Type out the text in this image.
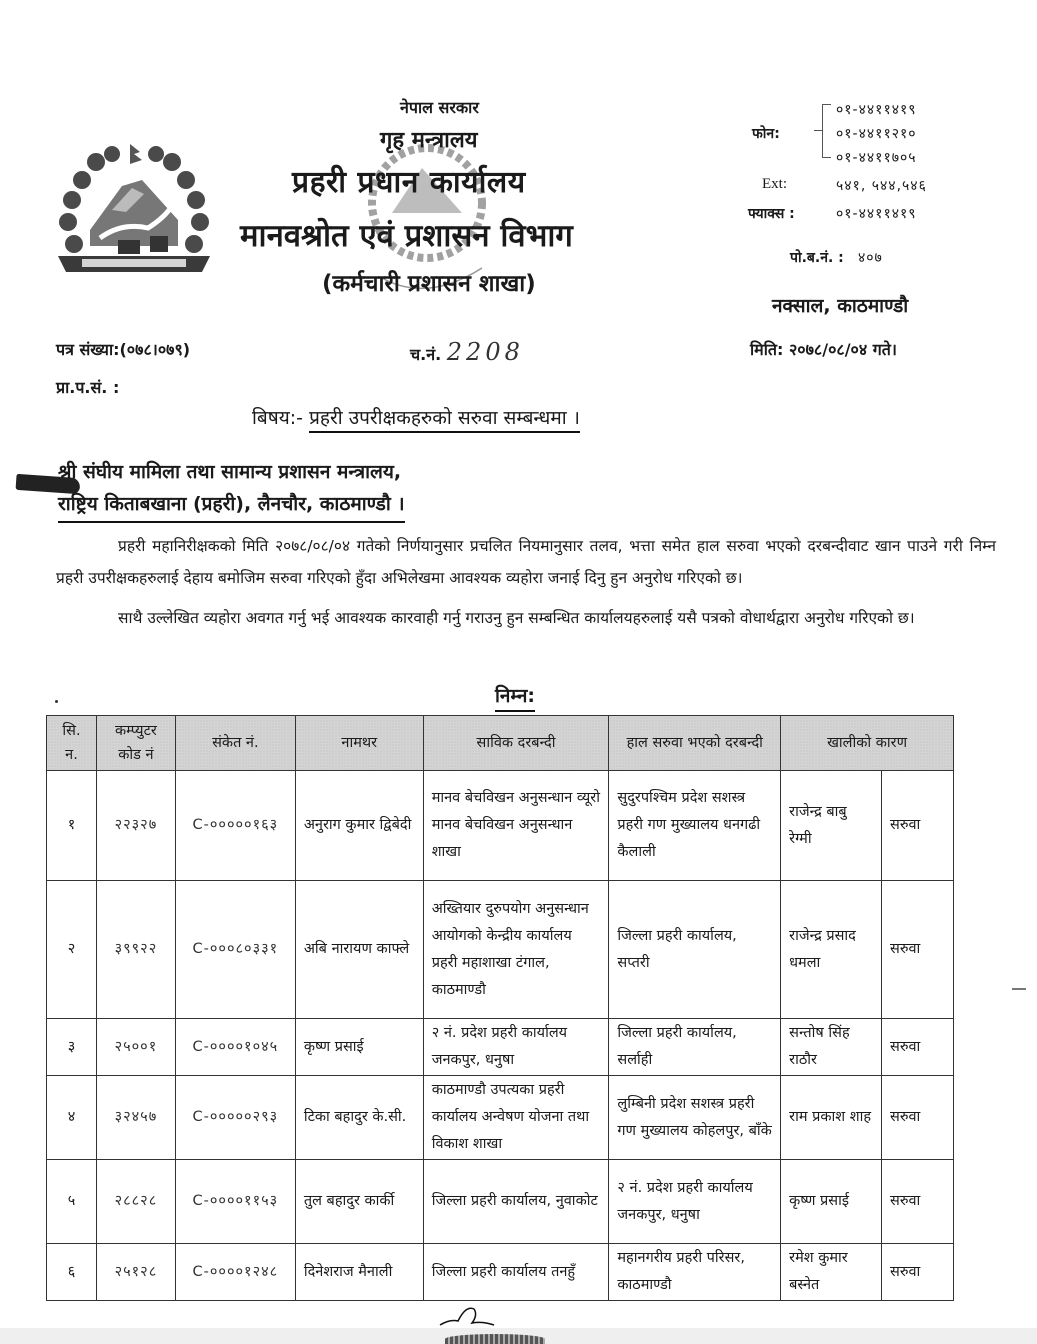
नेपाल सरकार
गृह मन्त्रालय
प्रहरी प्रधान कार्यालय
मानवश्रोत एवं प्रशासन विभाग
(कर्मचारी प्रशासन शाखा)
फोन:
०१-४४११४१९
०१-४४११२१०
०१-४४११७०५
Ext:	५४१, ५४४,५४६
फ्याक्स :	०१-४४११४१९
पो.ब.नं. : ४०७
नक्साल, काठमाण्डौ
पत्र संख्या:(०७८।०७९)	च.नं. 2208	मिति: २०७८/०८/०४ गते।
प्रा.प.सं. :
बिषय:- प्रहरी उपरीक्षकहरुको सरुवा सम्बन्धमा ।
श्री संघीय मामिला तथा सामान्य प्रशासन मन्त्रालय,
राष्ट्रिय किताबखाना (प्रहरी), लैनचौर, काठमाण्डौ ।
प्रहरी महानिरीक्षकको मिति २०७८/०८/०४ गतेको निर्णयानुसार प्रचलित नियमानुसार तलव, भत्ता समेत हाल सरुवा भएको दरबन्दीवाट खान पाउने गरी निम्न प्रहरी उपरीक्षकहरुलाई देहाय बमोजिम सरुवा गरिएको हुँदा अभिलेखमा आवश्यक व्यहोरा जनाई दिनु हुन अनुरोध गरिएको छ।
साथै उल्लेखित व्यहोरा अवगत गर्नु भई आवश्यक कारवाही गर्नु गराउनु हुन सम्बन्धित कार्यालयहरुलाई यसै पत्रको वोधार्थद्वारा अनुरोध गरिएको छ।
निम्न:
सि. न.	कम्प्युटर कोड नं	संकेत नं.	नामथर	साविक दरबन्दी	हाल सरुवा भएको दरबन्दी	खालीको कारण	
१	२२३२७	C-०००००१६३	अनुराग कुमार द्विबेदी	मानव बेचविखन अनुसन्धान व्यूरो मानव बेचविखन अनुसन्धान शाखा	सुदुरपश्चिम प्रदेश सशस्त्र प्रहरी गण मुख्यालय धनगढी कैलाली	राजेन्द्र बाबु रेग्मी	सरुवा
२	३९९२२	C-०००८०३३१	अबि नारायण काफ्ले	अख्तियार दुरुपयोग अनुसन्धान आयोगको केन्द्रीय कार्यालय प्रहरी महाशाखा टंगाल, काठमाण्डौ	जिल्ला प्रहरी कार्यालय, सप्तरी	राजेन्द्र प्रसाद धमला	सरुवा
३	२५००१	C-००००१०४५	कृष्ण प्रसाई	२ नं. प्रदेश प्रहरी कार्यालय जनकपुर, धनुषा	जिल्ला प्रहरी कार्यालय, सर्लाही	सन्तोष सिंह राठौर	सरुवा
४	३२४५७	C-०००००२९३	टिका बहादुर के.सी.	काठमाण्डौ उपत्यका प्रहरी कार्यालय अन्वेषण योजना तथा विकाश शाखा	लुम्बिनी प्रदेश सशस्त्र प्रहरी गण मुख्यालय कोहलपुर, बाँके	राम प्रकाश शाह	सरुवा
५	२८८२८	C-००००११५३	तुल बहादुर कार्की	जिल्ला प्रहरी कार्यालय, नुवाकोट	२ नं. प्रदेश प्रहरी कार्यालय जनकपुर, धनुषा	कृष्ण प्रसाई	सरुवा
६	२५१२८	C-००००१२४८	दिनेशराज मैनाली	जिल्ला प्रहरी कार्यालय तनहुँ	महानगरीय प्रहरी परिसर, काठमाण्डौ	रमेश कुमार बस्नेत	सरुवा
